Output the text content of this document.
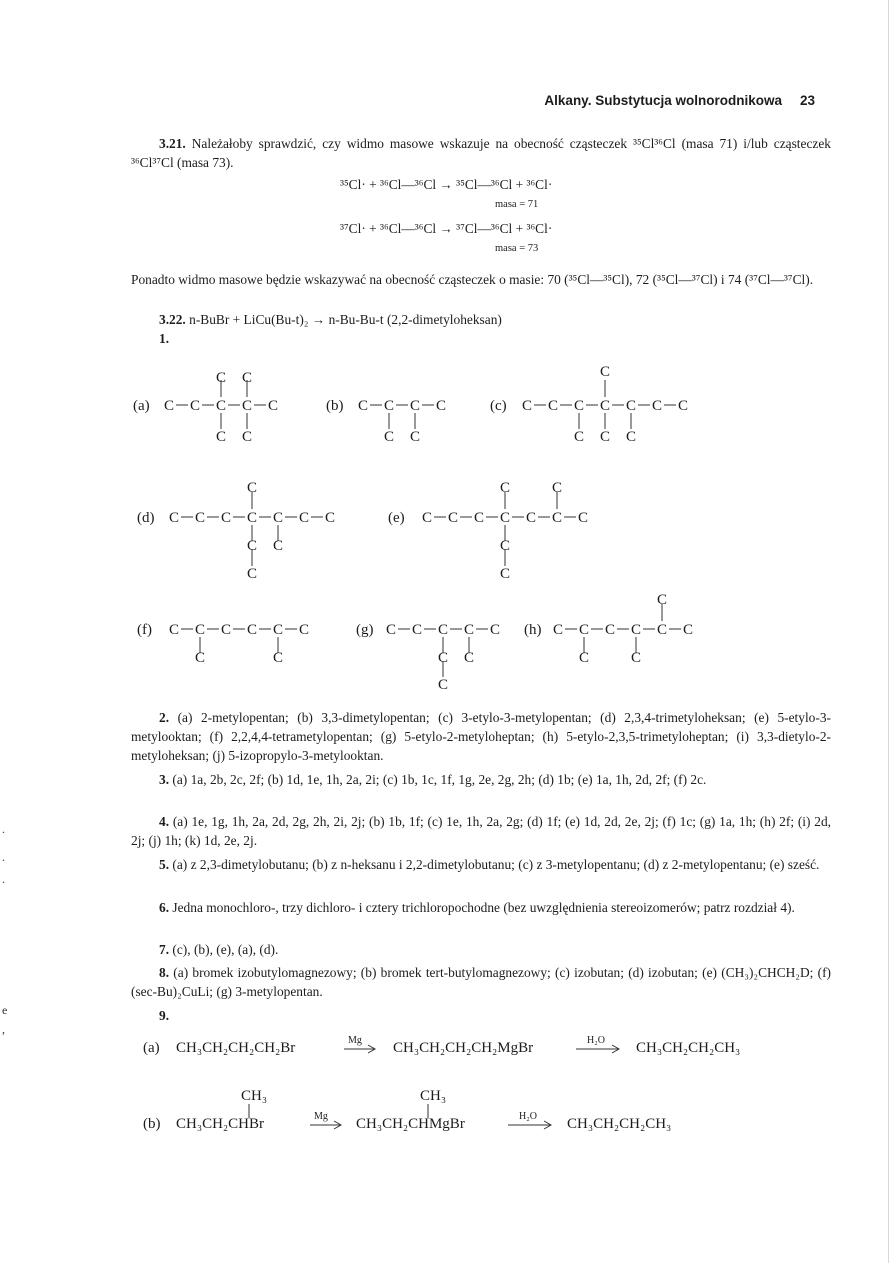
Alkany. Substytucja wolnorodnikowa 23

3.21. Należałoby sprawdzić, czy widmo masowe wskazuje na obecność cząsteczek ³⁵Cl³⁶Cl (masa 71) i/lub cząsteczek ³⁶Cl³⁷Cl (masa 73).

³⁵Cl· + ³⁶Cl—³⁶Cl → ³⁵Cl—³⁶Cl + ³⁶Cl·
masa = 71
³⁷Cl· + ³⁶Cl—³⁶Cl → ³⁷Cl—³⁶Cl + ³⁶Cl·
masa = 73

Ponadto widmo masowe będzie wskazywać na obecność cząsteczek o masie: 70 (³⁵Cl—³⁵Cl), 72 (³⁵Cl—³⁷Cl) i 74 (³⁷Cl—³⁷Cl).

3.22. n-BuBr + LiCu(Bu-t)₂ → n-Bu-Bu-t (2,2-dimetyloheksan)

1.
C C C C C
C C
C C
C C C C
C C
C C C C C C C
C
C C C
C C C C C C C
C
C C
C
C C C C C C C
C	C
C
C
C C C C C C
C	C
C C C C C
C C
C
C C C C C C
C
C	C
(a)	(b)	(c)
(d)	(e)
(f)	(g)	(h)

2. (a) 2-metylopentan; (b) 3,3-dimetylopentan; (c) 3-etylo-3-metylopentan; (d) 2,3,4-trimetyloheksan; (e) 5-etylo-3-metylooktan; (f) 2,2,4,4-tetrametylopentan; (g) 5-etylo-2-metyloheptan; (h) 5-etylo-2,3,5-trimetyloheptan; (i) 3,3-dietylo-2-metyloheksan; (j) 5-izopropylo-3-metylooktan.

3. (a) 1a, 2b, 2c, 2f; (b) 1d, 1e, 1h, 2a, 2i; (c) 1b, 1c, 1f, 1g, 2e, 2g, 2h; (d) 1b; (e) 1a, 1h, 2d, 2f; (f) 2c.

4. (a) 1e, 1g, 1h, 2a, 2d, 2g, 2h, 2i, 2j; (b) 1b, 1f; (c) 1e, 1h, 2a, 2g; (d) 1f; (e) 1d, 2d, 2e, 2j; (f) 1c; (g) 1a, 1h; (h) 2f; (i) 2d, 2j; (j) 1h; (k) 1d, 2e, 2j.

5. (a) z 2,3-dimetylobutanu; (b) z n-heksanu i 2,2-dimetylobutanu; (c) z 3-metylopentanu; (d) z 2-metylopentanu; (e) sześć.

6. Jedna monochloro-, trzy dichloro- i cztery trichloropochodne (bez uwzględnienia stereoizomerów; patrz rozdział 4).

7. (c), (b), (e), (a), (d).

8. (a) bromek izobutylomagnezowy; (b) bromek tert-butylomagnezowy; (c) izobutan; (d) izobutan; (e) (CH₃)₂CHCH₂D; (f) (sec-Bu)₂CuLi; (g) 3-metylopentan.

9.
(a) CH₃CH₂CH₂CH₂Br	Mg CH₃CH₂CH₂CH₂MgBr	H₂O CH₃CH₂CH₂CH₃
CH₃	CH₃
(b) CH₃CH₂CHBr	Mg CH₃CH₂CHMgBr	H₂O CH₃CH₂CH₂CH₃
.
.
.
e
,
